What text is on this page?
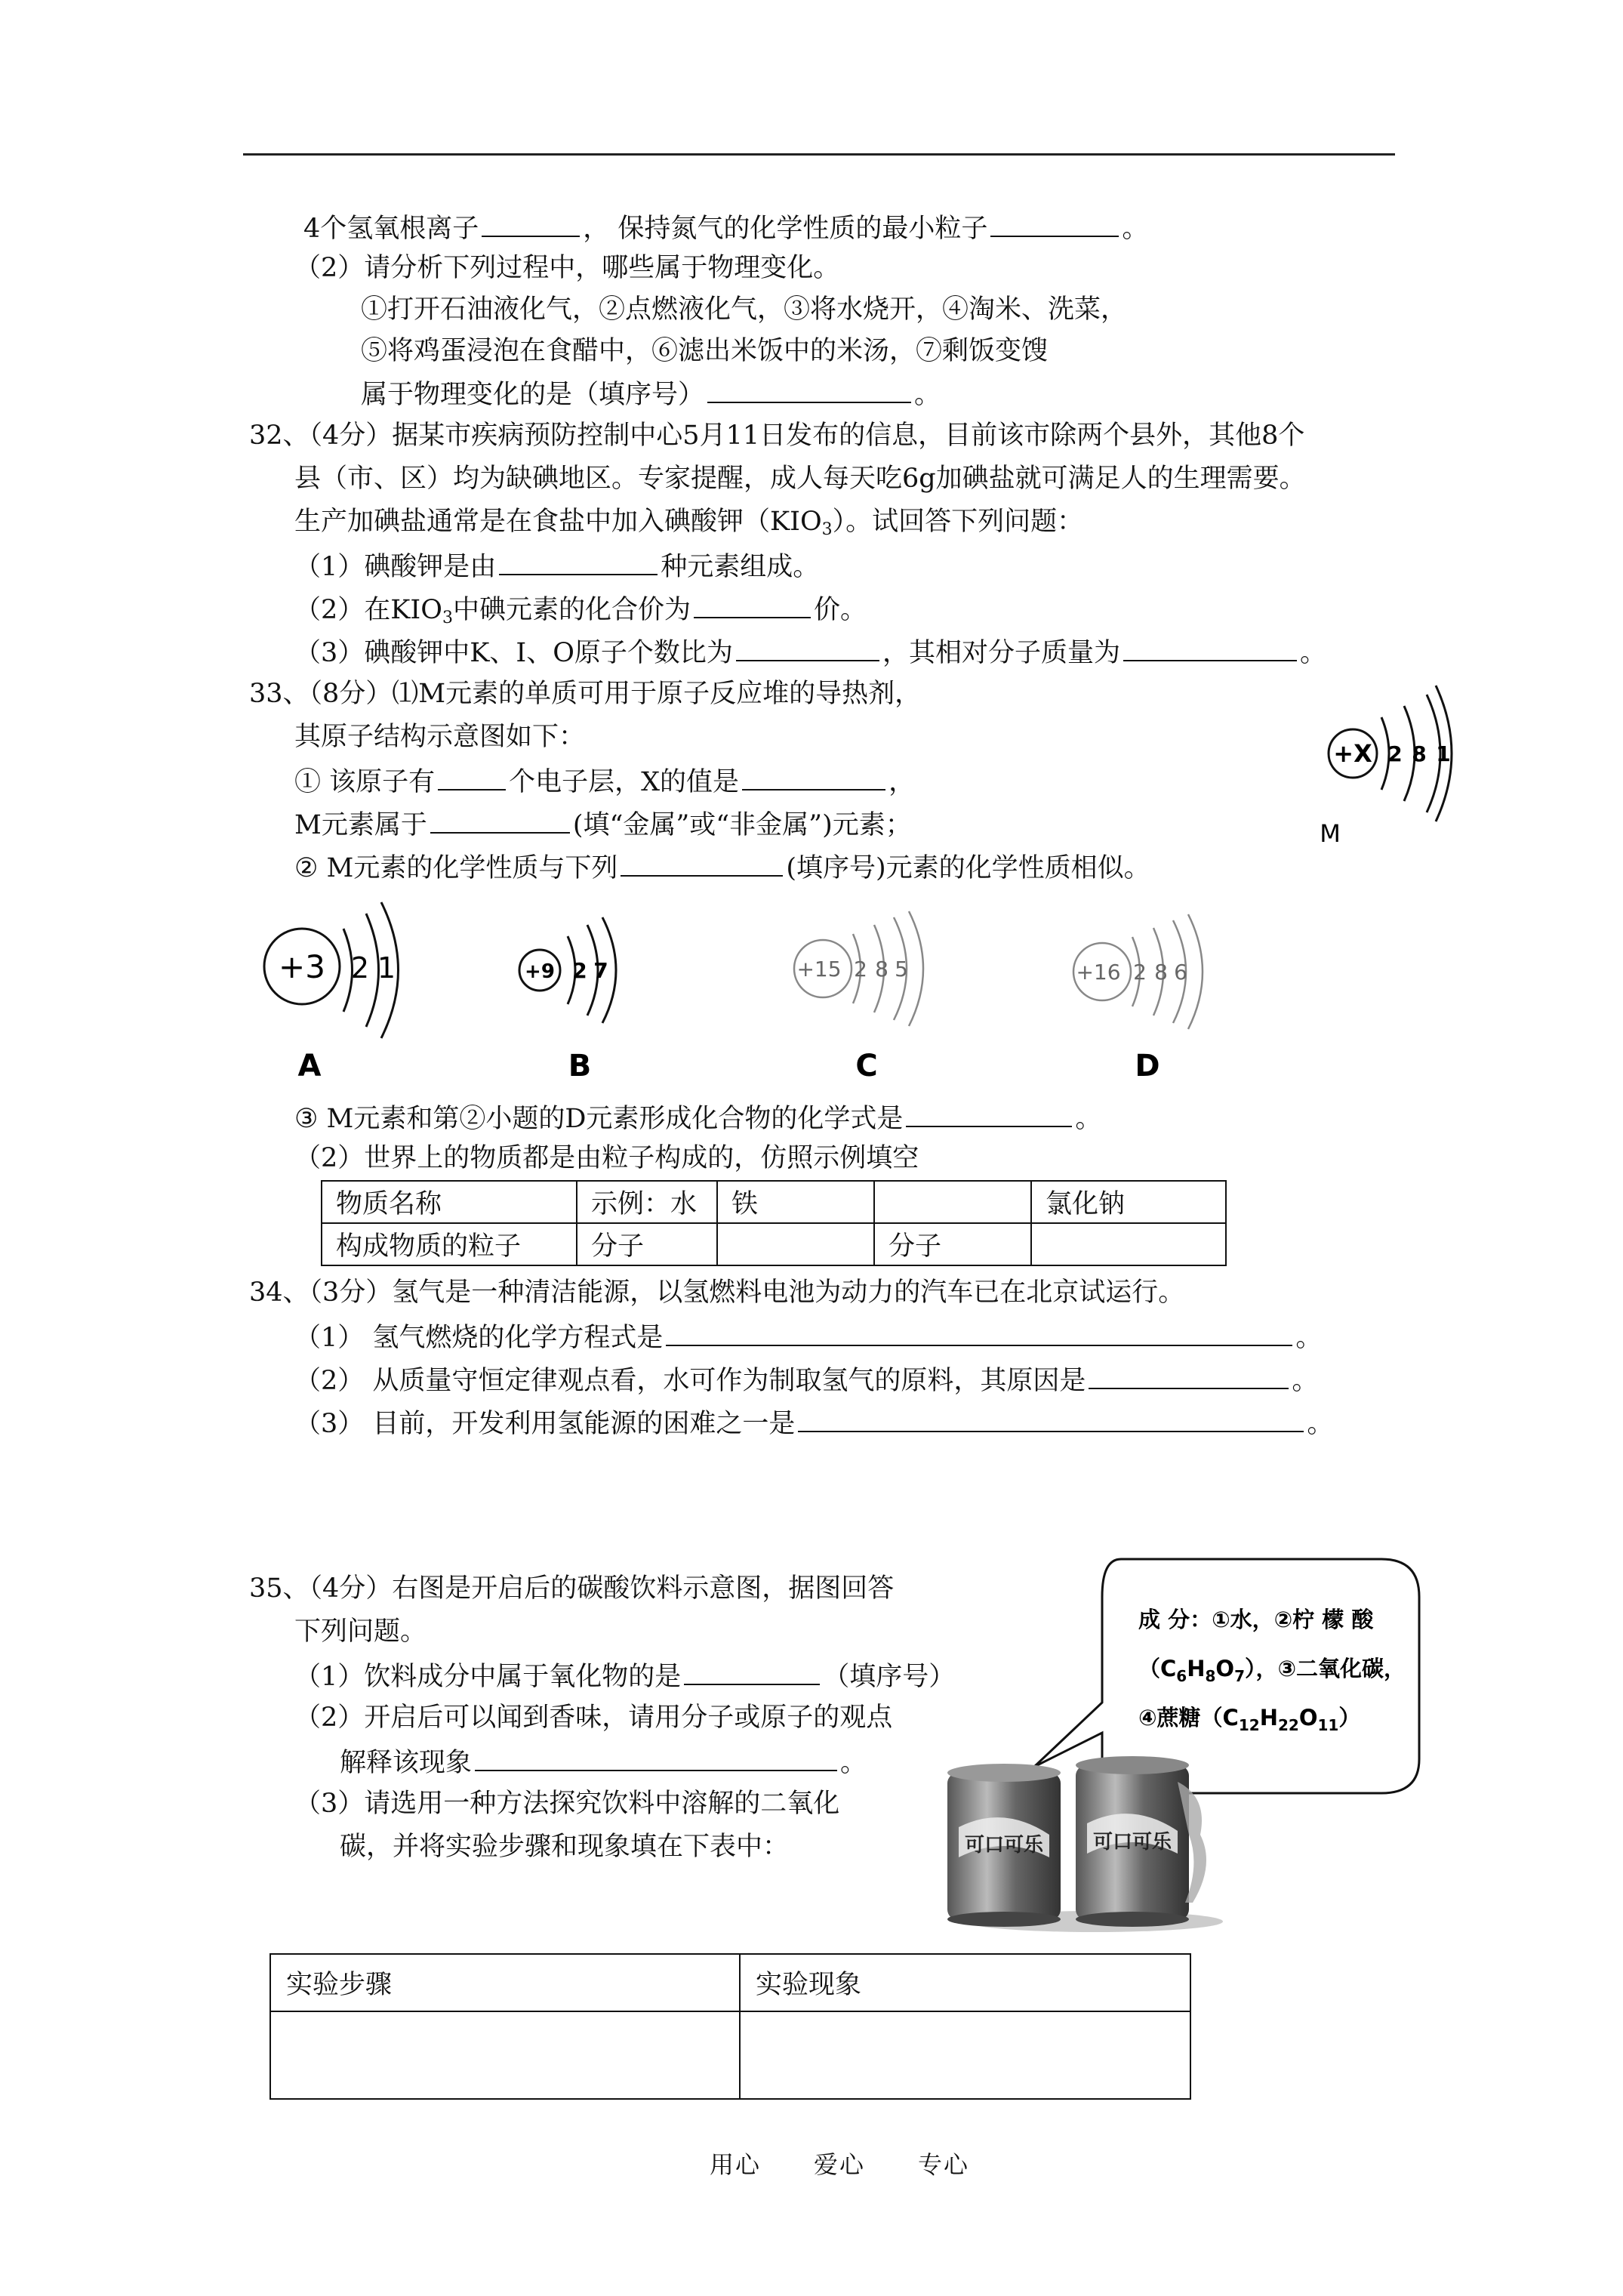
4个氢氧根离子	， 保持氮气的化学性质的最小粒子	。
（2）请分析下列过程中，哪些属于物理变化。
①打开石油液化气，②点燃液化气，③将水烧开，④淘米、洗菜，
⑤将鸡蛋浸泡在食醋中，⑥滤出米饭中的米汤，⑦剩饭变馊
属于物理变化的是（填序号）	。
32、（4分）据某市疾病预防控制中心5月11日发布的信息，目前该市除两个县外，其他8个
县（市、区）均为缺碘地区。专家提醒，成人每天吃6g加碘盐就可满足人的生理需要。
生产加碘盐通常是在食盐中加入碘酸钾$(KIO_3)$。试回答下列问题：
（1）碘酸钾是由	种元素组成。
（2）在$KIO_3$中碘元素的化合价为	价。
（3）碘酸钾中K、I、O原子个数比为	，其相对分子质量为	。
33、（8分）⑴M元素的单质可用于原子反应堆的导热剂，
其原子结构示意图如下：
① 该原子有	个电子层，X的值是	，
M元素属于	(填“金属”或“非金属”)元素；
② M元素的化学性质与下列	(填序号)元素的化学性质相似。
+X 2 8 1
M
+3 2 1
A
+9 2 7
B
+15 2 8 5
C
+16 2 8 6
D
③ M元素和第②小题的D元素形成化合物的化学式是	。
（2）世界上的物质都是由粒子构成的，仿照示例填空
物质名称	示例：水	铁		氯化钠
构成物质的粒子	分子		分子	
34、（3分）氢气是一种清洁能源，以氢燃料电池为动力的汽车已在北京试运行。
（1） 氢气燃烧的化学方程式是	。
（2） 从质量守恒定律观点看，水可作为制取氢气的原料，其原因是	。
（3） 目前，开发利用氢能源的困难之一是	。
35、（4分）右图是开启后的碳酸饮料示意图，据图回答
下列问题。
（1）饮料成分中属于氧化物的是	（填序号）
（2）开启后可以闻到香味，请用分子或原子的观点
解释该现象	。
（3）请选用一种方法探究饮料中溶解的二氧化
碳，并将实验步骤和现象填在下表中：
成 分：①水，②柠 檬 酸
$(C_6H_8O_7)$，③二氧化碳，
④蔗糖$(C_{12}H_{22}O_{11})$
可口可乐	可口可乐
实验步骤	实验现象

用心 爱心 专心
